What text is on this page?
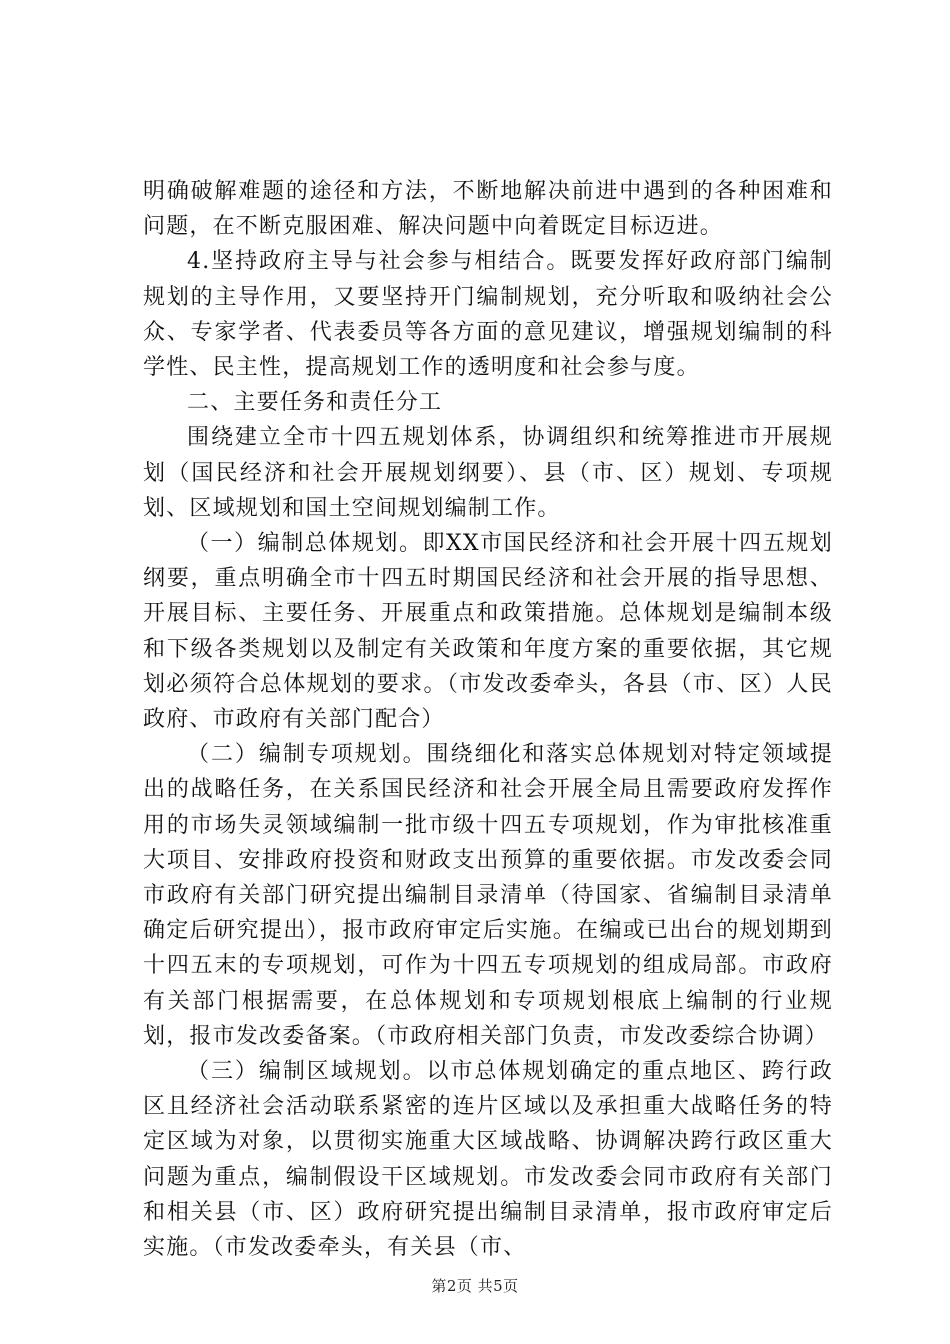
明确破解难题的途径和方法，不断地解决前进中遇到的各种困难和问题，在不断克服困难、解决问题中向着既定目标迈进。

4.坚持政府主导与社会参与相结合。既要发挥好政府部门编制规划的主导作用，又要坚持开门编制规划，充分听取和吸纳社会公众、专家学者、代表委员等各方面的意见建议，增强规划编制的科学性、民主性，提高规划工作的透明度和社会参与度。

二、主要任务和责任分工

围绕建立全市十四五规划体系，协调组织和统筹推进市开展规划（国民经济和社会开展规划纲要）、县（市、区）规划、专项规划、区域规划和国土空间规划编制工作。

（一）编制总体规划。即XX市国民经济和社会开展十四五规划纲要，重点明确全市十四五时期国民经济和社会开展的指导思想、开展目标、主要任务、开展重点和政策措施。总体规划是编制本级和下级各类规划以及制定有关政策和年度方案的重要依据，其它规划必须符合总体规划的要求。（市发改委牵头，各县（市、区）人民政府、市政府有关部门配合）

（二）编制专项规划。围绕细化和落实总体规划对特定领域提出的战略任务，在关系国民经济和社会开展全局且需要政府发挥作用的市场失灵领域编制一批市级十四五专项规划，作为审批核准重大项目、安排政府投资和财政支出预算的重要依据。市发改委会同市政府有关部门研究提出编制目录清单（待国家、省编制目录清单确定后研究提出），报市政府审定后实施。在编或已出台的规划期到十四五末的专项规划，可作为十四五专项规划的组成局部。市政府有关部门根据需要，在总体规划和专项规划根底上编制的行业规划，报市发改委备案。（市政府相关部门负责，市发改委综合协调）

（三）编制区域规划。以市总体规划确定的重点地区、跨行政区且经济社会活动联系紧密的连片区域以及承担重大战略任务的特定区域为对象，以贯彻实施重大区域战略、协调解决跨行政区重大问题为重点，编制假设干区域规划。市发改委会同市政府有关部门和相关县（市、区）政府研究提出编制目录清单，报市政府审定后实施。（市发改委牵头，有关县（市、

第2页 共5页
